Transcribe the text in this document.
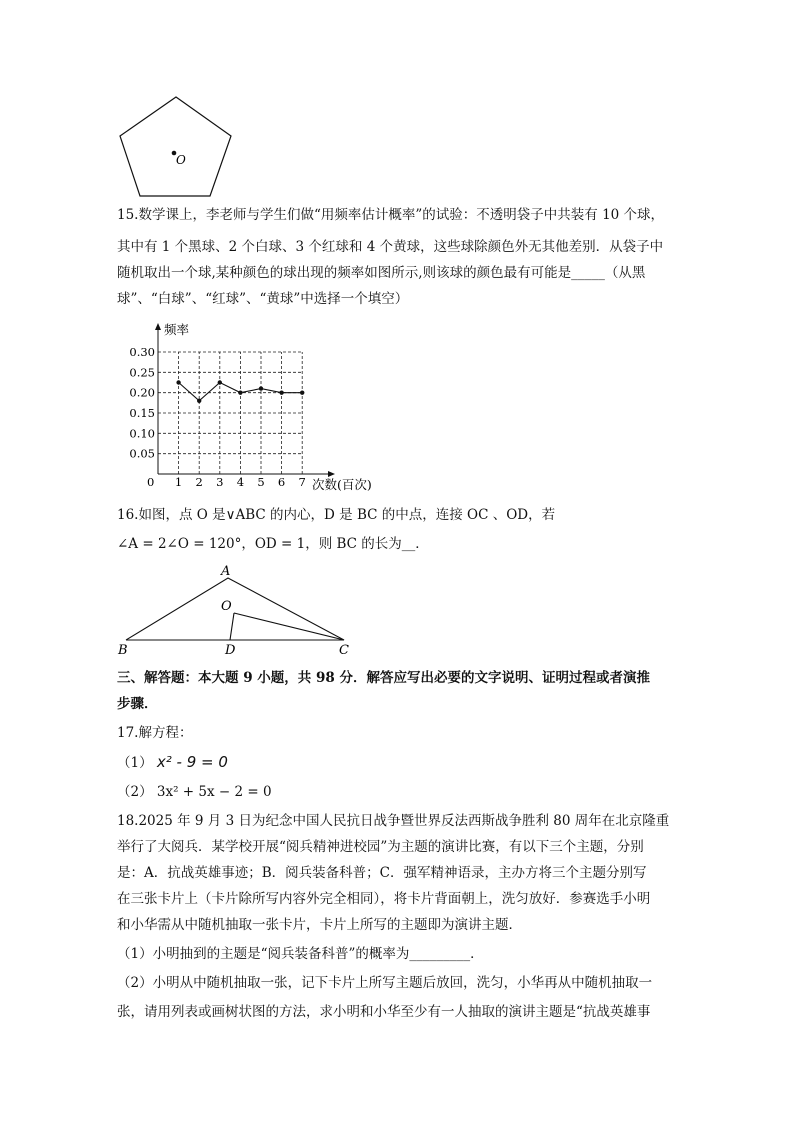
O
15.数学课上，李老师与学生们做“用频率估计概率”的试验：不透明袋子中共装有 10 个球，
其中有 1 个黑球、2 个白球、3 个红球和 4 个黄球，这些球除颜色外无其他差别．从袋子中
随机取出一个球,某种颜色的球出现的频率如图所示,则该球的颜色最有可能是_____（从黑
球”、“白球”、“红球”、“黄球”中选择一个填空）
频率
次数(百次)
0
0.05
0.10
0.15
0.20
0.25
0.30
1 2 3 4 5 6 7
16.如图，点 O 是∨ABC 的内心，D 是 BC 的中点，连接 OC 、OD，若
∠A = 2∠O = 120°，OD = 1，则 BC 的长为__．
A
O
B	D	C
三、解答题：本大题 9 小题，共 98 分．解答应写出必要的文字说明、证明过程或者演推
步骤．
17.解方程：
（1） x² - 9 = 0
（2） 3x² + 5x − 2 = 0
18.2025 年 9 月 3 日为纪念中国人民抗日战争暨世界反法西斯战争胜利 80 周年在北京隆重
举行了大阅兵．某学校开展“阅兵精神进校园”为主题的演讲比赛，有以下三个主题，分别
是：A．抗战英雄事迹；B．阅兵装备科普；C．强军精神语录，主办方将三个主题分别写
在三张卡片上（卡片除所写内容外完全相同），将卡片背面朝上，洗匀放好．参赛选手小明
和小华需从中随机抽取一张卡片，卡片上所写的主题即为演讲主题．
（1）小明抽到的主题是“阅兵装备科普”的概率为_________．
（2）小明从中随机抽取一张，记下卡片上所写主题后放回，洗匀，小华再从中随机抽取一
张，请用列表或画树状图的方法，求小明和小华至少有一人抽取的演讲主题是“抗战英雄事
